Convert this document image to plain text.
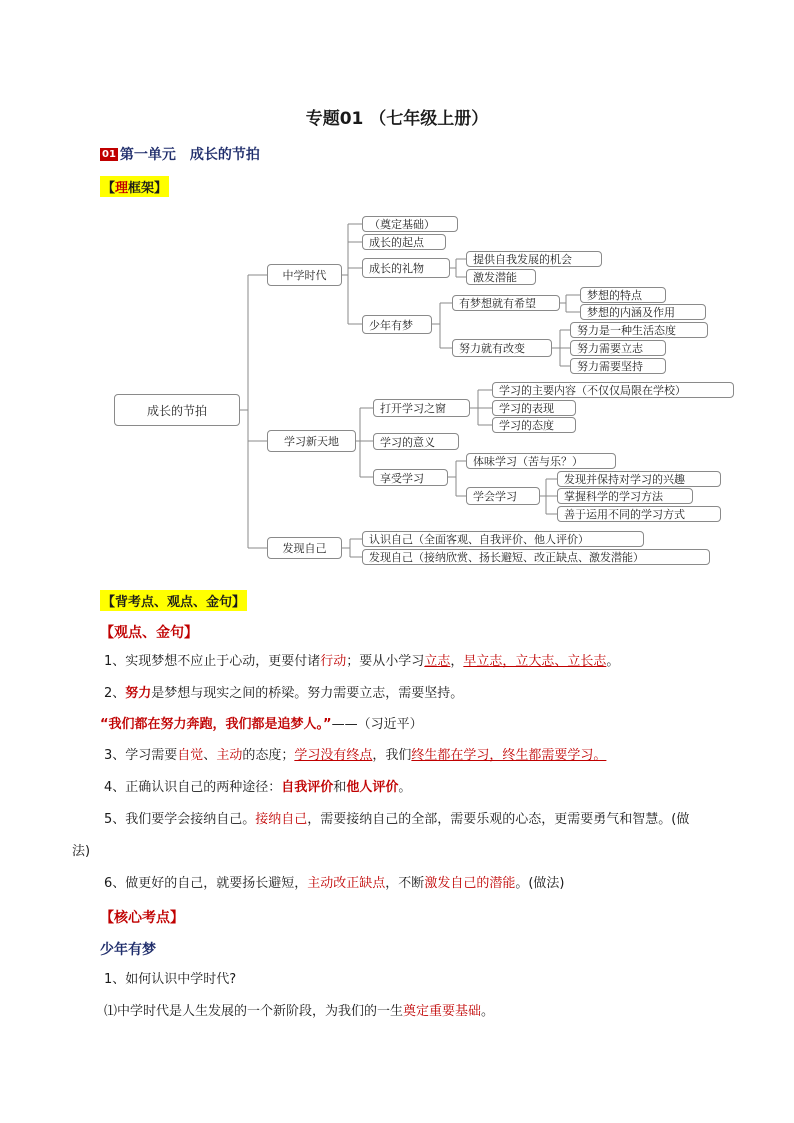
专题01 （七年级上册）
01 第一单元　成长的节拍
【理框架】
成长的节拍
中学时代
学习新天地
发现自己
（奠定基础）
成长的起点
成长的礼物
提供自我发展的机会
激发潜能
少年有梦
有梦想就有希望
梦想的特点
梦想的内涵及作用
努力就有改变
努力是一种生活态度
努力需要立志
努力需要坚持
打开学习之窗
学习的主要内容（不仅仅局限在学校）
学习的表现
学习的态度
学习的意义
享受学习
体味学习（苦与乐？）
学会学习
发现并保持对学习的兴趣
掌握科学的学习方法
善于运用不同的学习方式
认识自己（全面客观、自我评价、他人评价）
发现自己（接纳欣赏、扬长避短、改正缺点、激发潜能）
【背考点、观点、金句】
【观点、金句】
1、实现梦想不应止于心动，更要付诸行动；要从小学习立志，早立志，立大志、立长志。
2、努力是梦想与现实之间的桥梁。努力需要立志，需要坚持。
“我们都在努力奔跑，我们都是追梦人。”——（习近平）
3、学习需要自觉、主动的态度；学习没有终点，我们终生都在学习，终生都需要学习。
4、正确认识自己的两种途径：自我评价和他人评价。
5、我们要学会接纳自己。接纳自己，需要接纳自己的全部，需要乐观的心态，更需要勇气和智慧。(做
法)
6、做更好的自己，就要扬长避短，主动改正缺点，不断激发自己的潜能。(做法)
【核心考点】
少年有梦
1、如何认识中学时代?
⑴中学时代是人生发展的一个新阶段，为我们的一生奠定重要基础。
